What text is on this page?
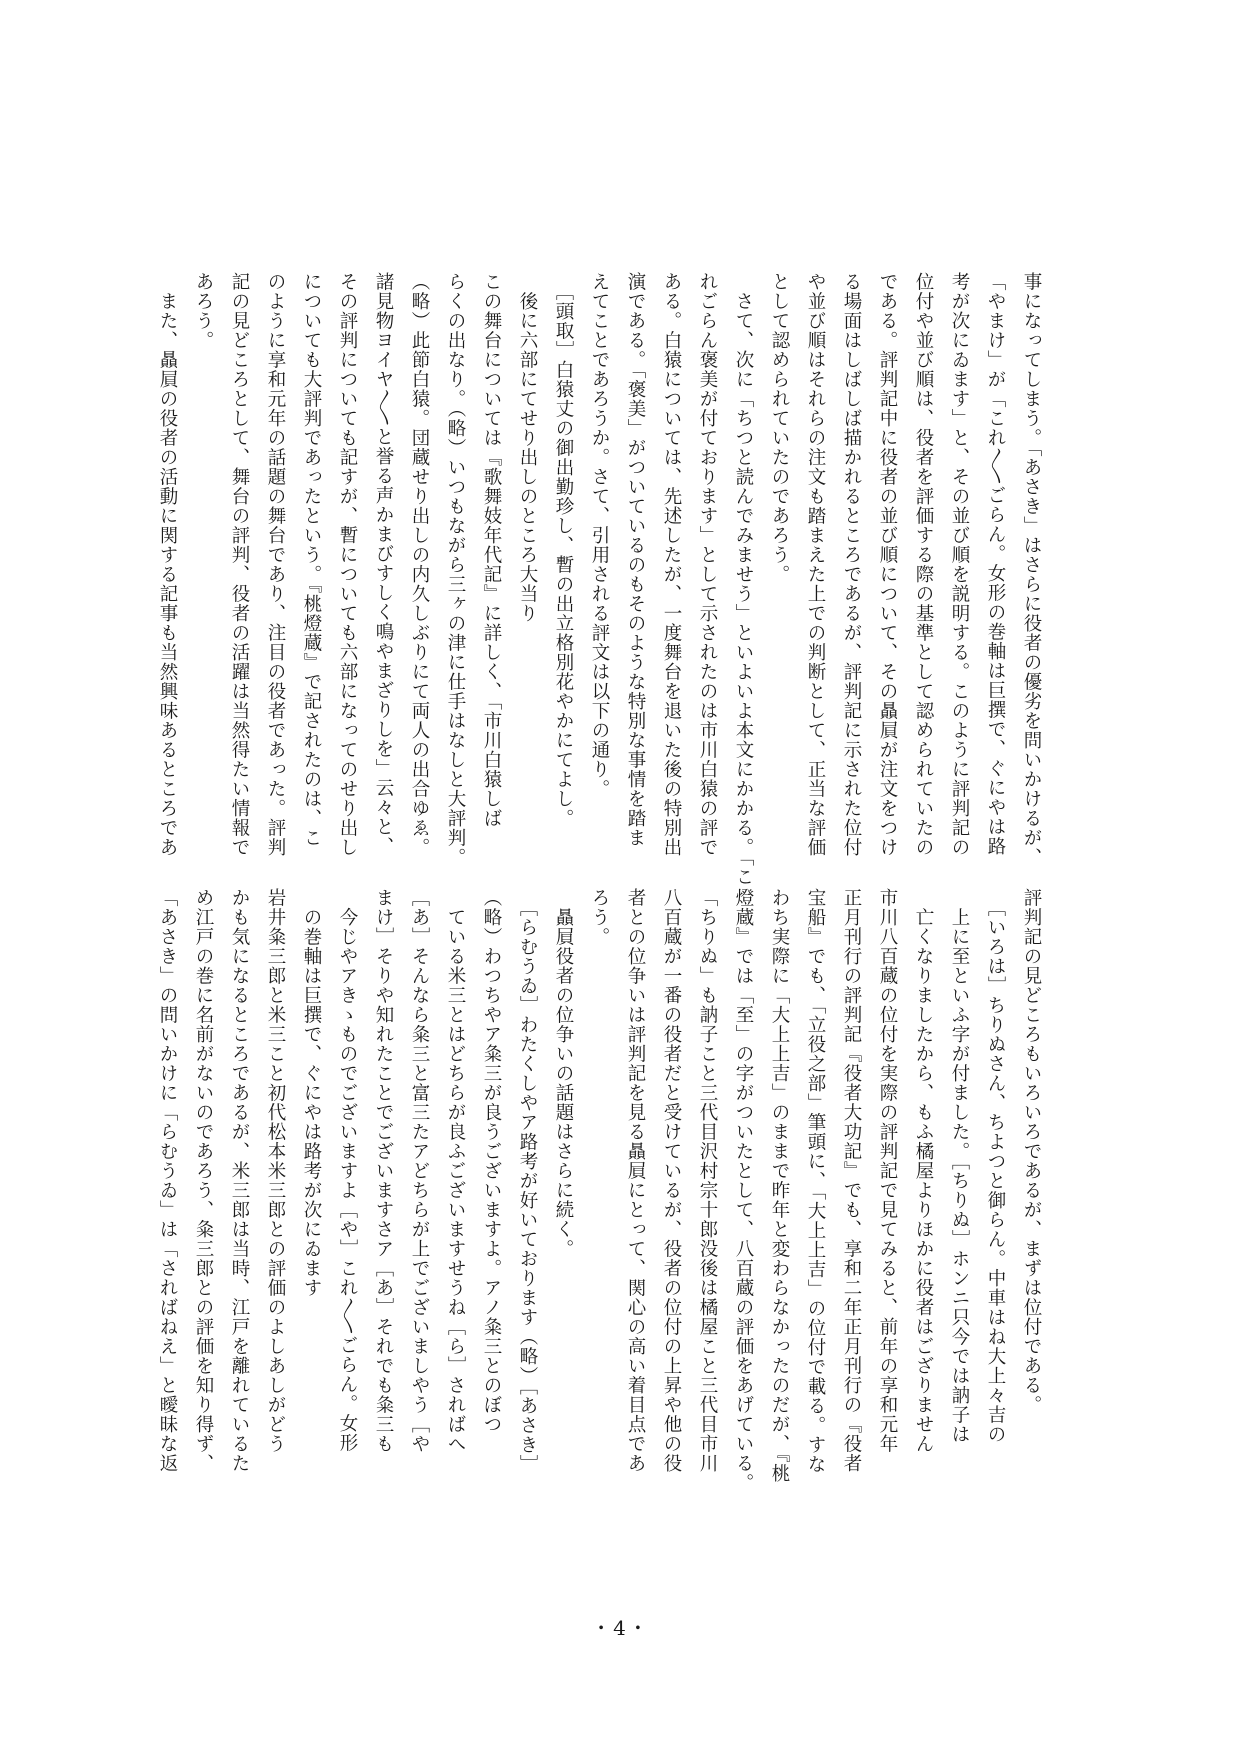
事になってしまう。「あさき」はさらに役者の優劣を問いかけるが、

「やまけ」が「これ〳〵ごらん。女形の巻軸は巨撰で、ぐにやは路

考が次にゐます」と、その並び順を説明する。このように評判記の

位付や並び順は、役者を評価する際の基準として認められていたの

である。評判記中に役者の並び順について、その贔屓が注文をつけ

る場面はしばしば描かれるところであるが、評判記に示された位付

や並び順はそれらの注文も踏まえた上での判断として、正当な評価

として認められていたのであろう。

　さて、次に「ちつと読んでみませう」といよいよ本文にかかる。「こ

れごらん褒美が付ております」として示されたのは市川白猿の評で

ある。白猿については、先述したが、一度舞台を退いた後の特別出

演である。「褒美」がついているのもそのような特別な事情を踏ま

えてことであろうか。さて、引用される評文は以下の通り。

　［頭取］白猿丈の御出勤珍し、暫の出立格別花やかにてよし。

　後に六部にてせり出しのところ大当り

この舞台については『歌舞妓年代記』に詳しく、「市川白猿しば

らくの出なり。（略）いつもながら三ヶの津に仕手はなしと大評判。

（略）此節白猿。団蔵せり出しの内久しぶりにて両人の出合ゆゑ。

諸見物ヨイヤ〳〵と誉る声かまびすしく鳴やまざりしを」云々と、

その評判についても記すが、暫についても六部になってのせり出し

についても大評判であったという。『桃燈蔵』で記されたのは、こ

のように享和元年の話題の舞台であり、注目の役者であった。評判

記の見どころとして、舞台の評判、役者の活躍は当然得たい情報で

あろう。

　また、贔屓の役者の活動に関する記事も当然興味あるところであ

評判記の見どころもいろいろであるが、まずは位付である。

　［いろは］ちりぬさん、ちよつと御らん。中車はね大上々吉の

　上に至といふ字が付ました。［ちりぬ］ホンニ只今では訥子は

　亡くなりましたから、もふ橘屋よりほかに役者はござりません

市川八百蔵の位付を実際の評判記で見てみると、前年の享和元年

正月刊行の評判記『役者大功記』でも、享和二年正月刊行の『役者

宝船』でも、「立役之部」筆頭に、「大上上吉」の位付で載る。すな

わち実際に「大上上吉」のままで昨年と変わらなかったのだが、『桃

燈蔵』では「至」の字がついたとして、八百蔵の評価をあげている。

「ちりぬ」も訥子こと三代目沢村宗十郎没後は橘屋こと三代目市川

八百蔵が一番の役者だと受けているが、役者の位付の上昇や他の役

者との位争いは評判記を見る贔屓にとって、関心の高い着目点であ

ろう。

　贔屓役者の位争いの話題はさらに続く。

　［らむうゐ］わたくしやア路考が好いております（略）［あさき］

（略）わつちやア粂三が良うございますよ。アノ粂三とのぼつ

　ている米三とはどちらが良ふございますせうね［ら］さればへ

［あ］そんなら粂三と富三たアどちらが上でございましやう［や

まけ］そりや知れたことでございますさア［あ］それでも粂三も

　今じやアきゝものでございますよ［や］これ〳〵ごらん。女形

　の巻軸は巨撰で、ぐにやは路考が次にゐます

岩井粂三郎と米三こと初代松本米三郎との評価のよしあしがどう

かも気になるところであるが、米三郎は当時、江戸を離れているた

め江戸の巻に名前がないのであろう、粂三郎との評価を知り得ず、

「あさき」の問いかけに「らむうゐ」は「さればねえ」と曖昧な返

・4・
